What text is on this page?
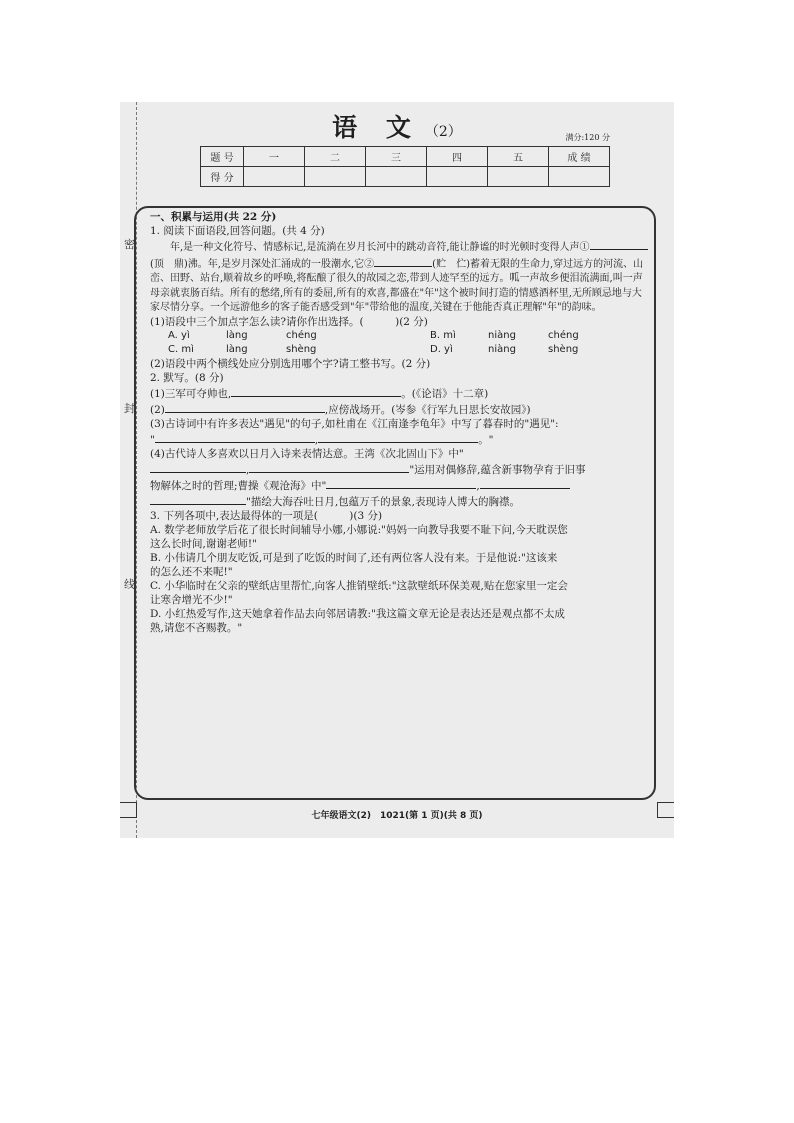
密
封
线
语 文 （2）	满分:120 分
题 号	一	二	三	四	五	成 绩
得 分						

一、积累与运用(共 22 分)

1. 阅读下面语段,回答问题。(共 4 分)

年,是一种文化符号、情感标记,是流淌在岁月长河中的跳动音符,能让静谧的时光顿时变得人声①(顶　鼎)沸。年,是岁月深处汇涌成的一股潮水,它②	(贮　伫)蓄着无限的生命力,穿过远方的河流、山峦、田野、站台,顺着故乡的呼唤,将酝酿了很久的故园之恋,带到人迹罕至的远方。呱一声故乡便泪流满面,叫一声母亲就衷肠百结。所有的愁绪,所有的委屈,所有的欢喜,都盛在"年"这个被时间打造的情感酒杯里,无所顾忌地与大家尽情分享。一个远游他乡的客子能否感受到"年"带给他的温度,关键在于他能否真正理解"年"的韵味。

(1)语段中三个加点字怎么读?请你作出选择。(　　　)(2 分)

A. yì	làng	chéng	B. mì	niàng	chéng
C. mì	làng	shèng	D. yì	niàng	shèng

(2)语段中两个横线处应分别选用哪个字?请工整书写。(2 分)

2. 默写。(8 分)

(1)三军可夺帅也,	。(《论语》十二章)

(2)	,应傍战场开。(岑参《行军九日思长安故园》)

(3)古诗词中有许多表达"遇见"的句子,如杜甫在《江南逢李龟年》中写了暮春时的"遇见":

"	,	。"

(4)古代诗人多喜欢以日月入诗来表情达意。王湾《次北固山下》中"

,	"运用对偶修辞,蕴含新事物孕育于旧事

物解体之时的哲理;曹操《观沧海》中"	,

"描绘大海吞吐日月,包蕴万千的景象,表现诗人博大的胸襟。

3. 下列各项中,表达最得体的一项是(　　　)(3 分)

A. 数学老师放学后花了很长时间辅导小娜,小娜说:"妈妈一向教导我要不耻下问,今天耽误您

这么长时间,谢谢老师!"

B. 小伟请几个朋友吃饭,可是到了吃饭的时间了,还有两位客人没有来。于是他说:"这该来

的怎么还不来呢!"

C. 小华临时在父亲的壁纸店里帮忙,向客人推销壁纸:"这款壁纸环保美观,贴在您家里一定会

让寒舍增光不少!"

D. 小红热爱写作,这天她拿着作品去向邻居请教:"我这篇文章无论是表达还是观点都不太成

熟,请您不吝赐教。"

七年级语文(2)　1021(第 1 页)(共 8 页)
